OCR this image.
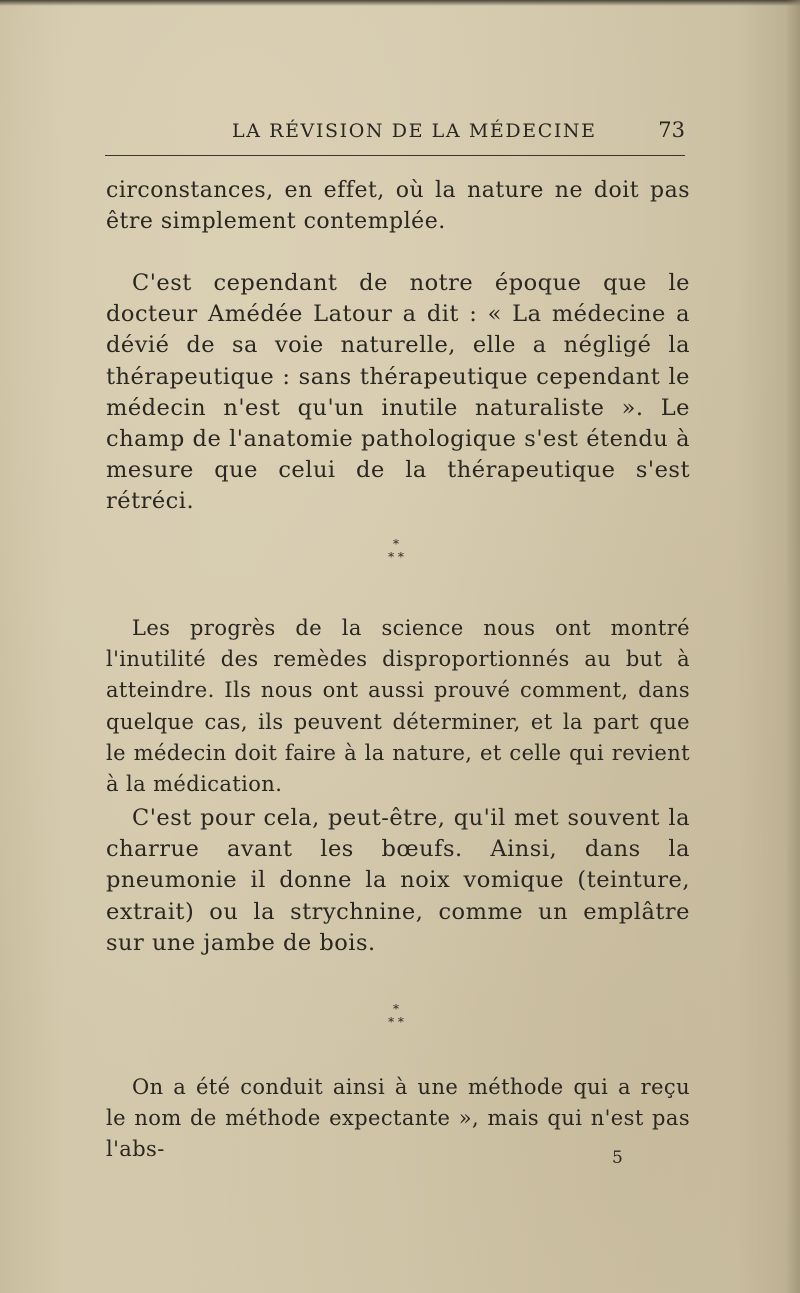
LA RÉVISION DE LA MÉDECINE	73

circonstances, en effet, où la nature ne doit pas être simplement contemplée.

C'est cependant de notre époque que le docteur Amédée Latour a dit : « La médecine a dévié de sa voie naturelle, elle a négligé la thérapeutique : sans thérapeutique cependant le médecin n'est qu'un inutile naturaliste ». Le champ de l'anatomie pathologique s'est étendu à mesure que celui de la thérapeutique s'est rétréci.

*
* *

Les progrès de la science nous ont montré l'inutilité des remèdes disproportionnés au but à atteindre. Ils nous ont aussi prouvé comment, dans quelque cas, ils peuvent déterminer, et la part que le médecin doit faire à la nature, et celle qui revient à la médication.

C'est pour cela, peut-être, qu'il met souvent la charrue avant les bœufs. Ainsi, dans la pneumonie il donne la noix vomique (teinture, extrait) ou la strychnine, comme un emplâtre sur une jambe de bois.

*
* *

On a été conduit ainsi à une méthode qui a reçu le nom de méthode expectante », mais qui n'est pas l'abs-	5
